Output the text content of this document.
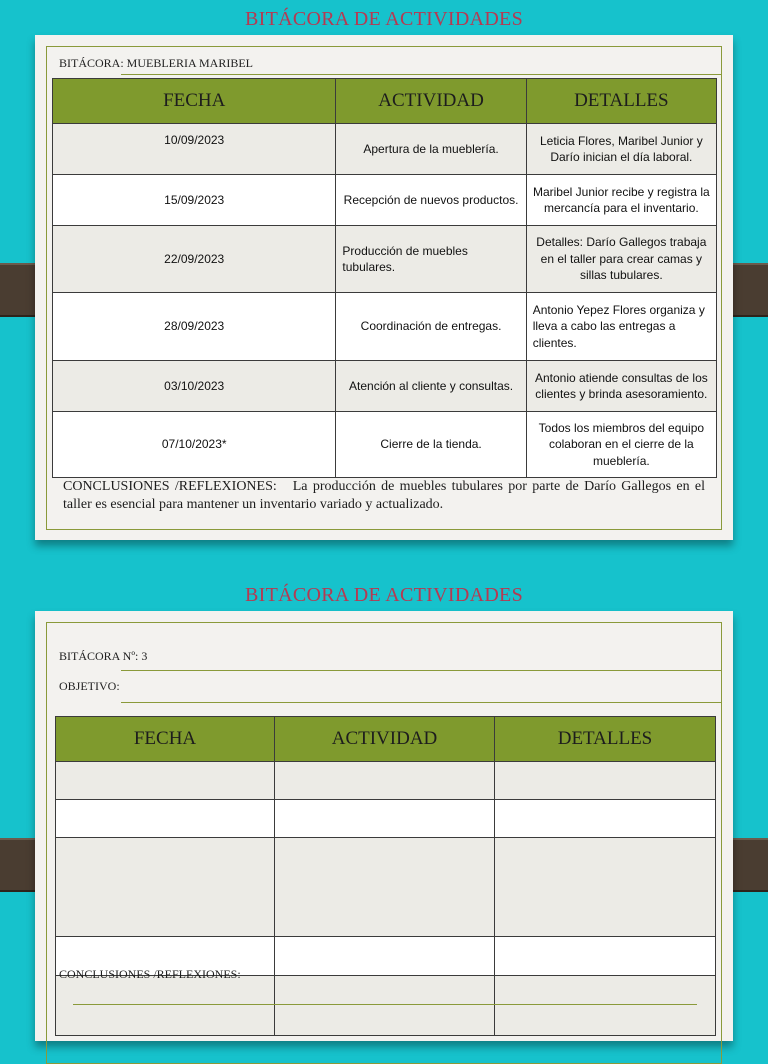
BITÁCORA DE ACTIVIDADES
BITÁCORA: MUEBLERIA MARIBEL
FECHA	ACTIVIDAD	DETALLES
10/09/2023	Apertura de la mueblería.	Leticia Flores, Maribel Junior y Darío inician el día laboral.
15/09/2023	Recepción de nuevos productos.	Maribel Junior recibe y registra la mercancía para el inventario.
22/09/2023	Producción de muebles tubulares.	Detalles: Darío Gallegos trabaja en el taller para crear camas y sillas tubulares.
28/09/2023	Coordinación de entregas.	Antonio Yepez Flores organiza y lleva a cabo las entregas a clientes.
03/10/2023	Atención al cliente y consultas.	Antonio atiende consultas de los clientes y brinda asesoramiento.
07/10/2023*	Cierre de la tienda.	Todos los miembros del equipo colaboran en el cierre de la mueblería.
CONCLUSIONES /REFLEXIONES: La producción de muebles tubulares por parte de Darío Gallegos en el taller es esencial para mantener un inventario variado y actualizado.
BITÁCORA DE ACTIVIDADES
BITÁCORA Nº: 3
OBJETIVO:
FECHA	ACTIVIDAD	DETALLES

CONCLUSIONES /REFLEXIONES:
